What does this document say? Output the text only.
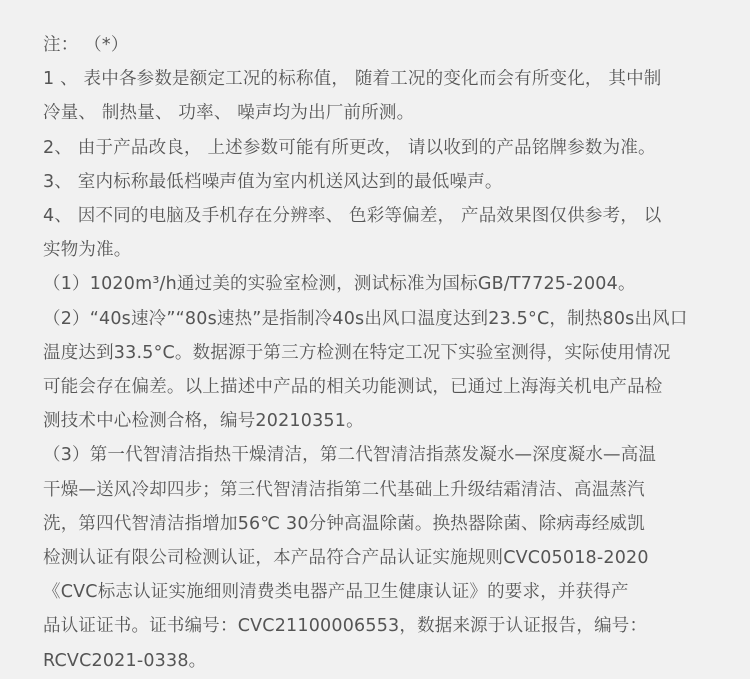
注： （*）
1 、 表中各参数是额定工况的标称值， 随着工况的变化而会有所变化， 其中制
冷量、 制热量、 功率、 噪声均为出厂前所测。
2、 由于产品改良， 上述参数可能有所更改， 请以收到的产品铭牌参数为准。
3、 室内标称最低档噪声值为室内机送风达到的最低噪声。
4、 因不同的电脑及手机存在分辨率、 色彩等偏差， 产品效果图仅供参考， 以
实物为准。
（1）1020m³/h通过美的实验室检测，测试标准为国标GB/T7725-2004。
（2）“40s速冷”“80s速热”是指制冷40s出风口温度达到23.5°C，制热80s出风口
温度达到33.5°C。数据源于第三方检测在特定工况下实验室测得，实际使用情况
可能会存在偏差。以上描述中产品的相关功能测试，已通过上海海关机电产品检
测技术中心检测合格，编号20210351。
（3）第一代智清洁指热干燥清洁，第二代智清洁指蒸发凝水—深度凝水—高温
干燥—送风冷却四步；第三代智清洁指第二代基础上升级结霜清洁、高温蒸汽
洗，第四代智清洁指增加56℃ 30分钟高温除菌。换热器除菌、除病毒经威凯
检测认证有限公司检测认证，本产品符合产品认证实施规则CVC05018-2020
《CVC标志认证实施细则清费类电器产品卫生健康认证》的要求，并获得产
品认证证书。证书编号：CVC21100006553，数据来源于认证报告，编号：
RCVC2021-0338。
